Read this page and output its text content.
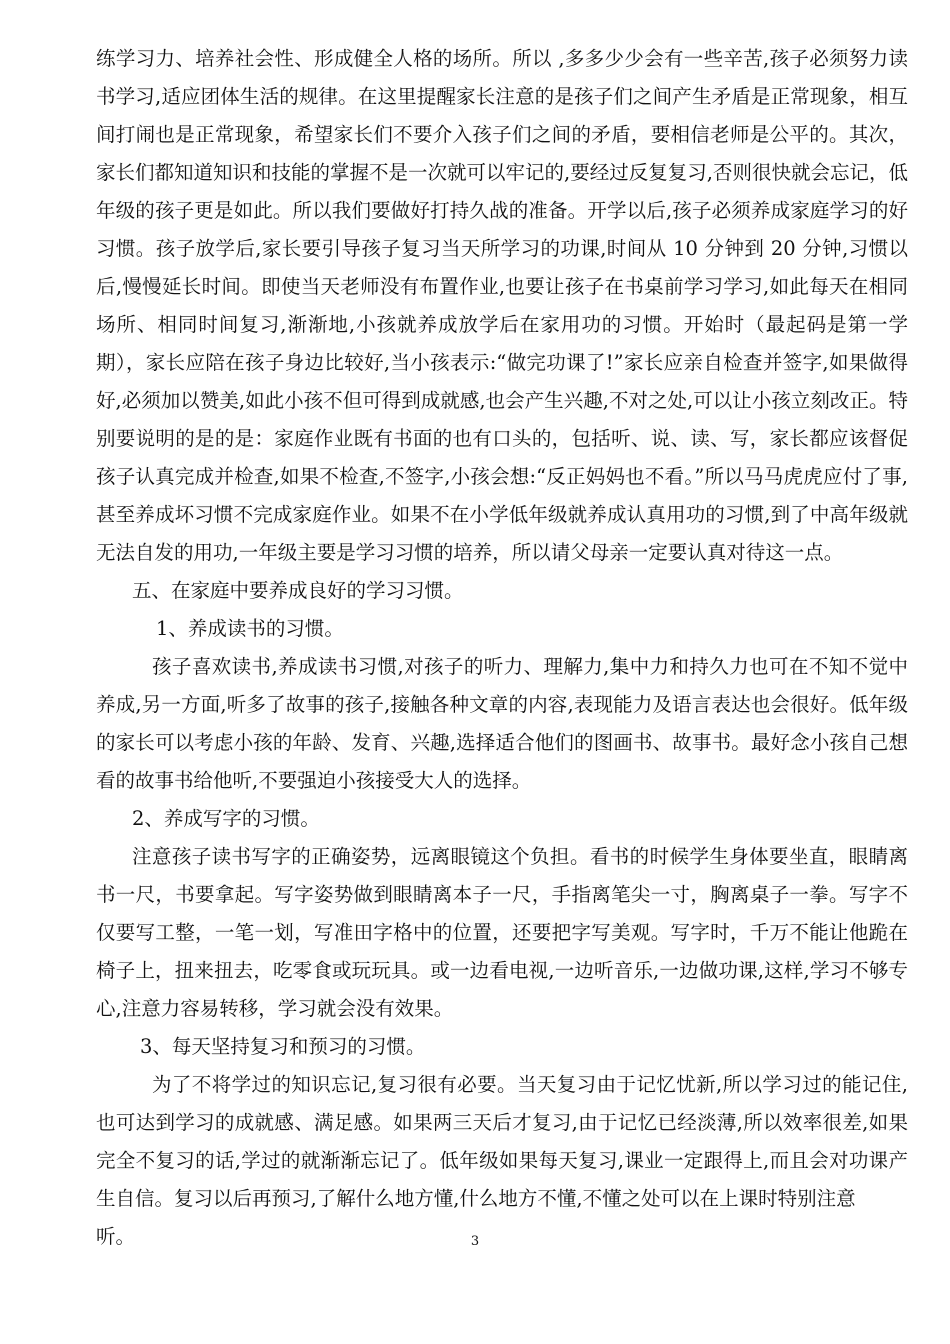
练学习力、培养社会性、形成健全人格的场所。所以 ,多多少少会有一些辛苦,孩子必须努力读书学习,适应团体生活的规律。在这里提醒家长注意的是孩子们之间产生矛盾是正常现象，相互间打闹也是正常现象，希望家长们不要介入孩子们之间的矛盾，要相信老师是公平的。其次， 家长们都知道知识和技能的掌握不是一次就可以牢记的,要经过反复复习,否则很快就会忘记，低年级的孩子更是如此。所以我们要做好打持久战的准备。开学以后,孩子必须养成家庭学习的好习惯。孩子放学后,家长要引导孩子复习当天所学习的功课,时间从 10 分钟到 20 分钟,习惯以后,慢慢延长时间。即使当天老师没有布置作业,也要让孩子在书桌前学习学习,如此每天在相同场所、相同时间复习,渐渐地,小孩就养成放学后在家用功的习惯。开始时（最起码是第一学期），家长应陪在孩子身边比较好,当小孩表示:“做完功课了!”家长应亲自检查并签字,如果做得好,必须加以赞美,如此小孩不但可得到成就感,也会产生兴趣,不对之处,可以让小孩立刻改正。特别要说明的是的是：家庭作业既有书面的也有口头的，包括听、说、读、写，家长都应该督促孩子认真完成并检查,如果不检查,不签字,小孩会想:“反正妈妈也不看。”所以马马虎虎应付了事,甚至养成坏习惯不完成家庭作业。如果不在小学低年级就养成认真用功的习惯,到了中高年级就无法自发的用功,一年级主要是学习习惯的培养，所以请父母亲一定要认真对待这一点。

五、在家庭中要养成良好的学习习惯。

1、养成读书的习惯。

孩子喜欢读书,养成读书习惯,对孩子的听力、理解力,集中力和持久力也可在不知不觉中养成,另一方面,听多了故事的孩子,接触各种文章的内容,表现能力及语言表达也会很好。低年级的家长可以考虑小孩的年龄、发育、兴趣,选择适合他们的图画书、故事书。最好念小孩自己想看的故事书给他听,不要强迫小孩接受大人的选择。

2、养成写字的习惯。

注意孩子读书写字的正确姿势，远离眼镜这个负担。看书的时候学生身体要坐直，眼睛离书一尺，书要拿起。写字姿势做到眼睛离本子一尺，手指离笔尖一寸，胸离桌子一拳。写字不仅要写工整，一笔一划，写准田字格中的位置，还要把字写美观。写字时，千万不能让他跪在椅子上，扭来扭去，吃零食或玩玩具。或一边看电视,一边听音乐,一边做功课,这样,学习不够专心,注意力容易转移，学习就会没有效果。

3、每天坚持复习和预习的习惯。

为了不将学过的知识忘记,复习很有必要。当天复习由于记忆忧新,所以学习过的能记住,也可达到学习的成就感、满足感。如果两三天后才复习,由于记忆已经淡薄,所以效率很差,如果完全不复习的话,学过的就渐渐忘记了。低年级如果每天复习,课业一定跟得上,而且会对功课产生自信。复习以后再预习,了解什么地方懂,什么地方不懂,不懂之处可以在上课时特别注意

听。	3
